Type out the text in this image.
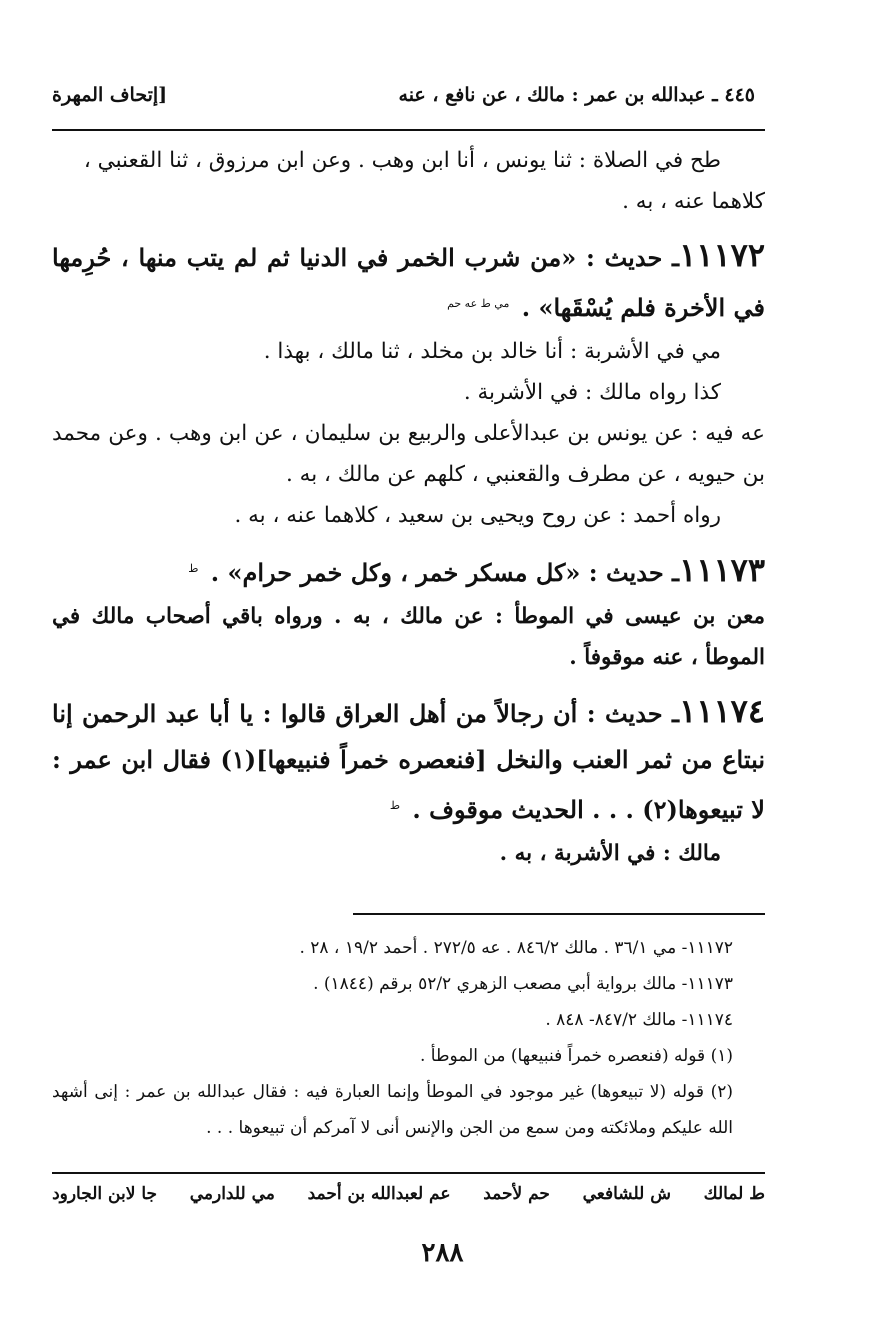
٤٤٥ ـ عبدالله بن عمر : مالك ، عن نافع ، عنه
[إتحاف المهرة

طح في الصلاة : ثنا يونس ، أنا ابن وهب . وعن ابن مرزوق ، ثنا القعنبي ،

كلاهما عنه ، به .

١١١٧٢ـ حديث : «من شرب الخمر في الدنيا ثم لم يتب منها ، حُرِمها في الأخرة فلم يُسْقَها» . $^{مي ط عه حم}$

مي في الأشربة : أنا خالد بن مخلد ، ثنا مالك ، بهذا .

كذا رواه مالك : في الأشربة .

عه فيه : عن يونس بن عبدالأعلى والربيع بن سليمان ، عن ابن وهب . وعن محمد بن حيويه ، عن مطرف والقعنبي ، كلهم عن مالك ، به .

رواه أحمد : عن روح ويحيى بن سعيد ، كلاهما عنه ، به .

١١١٧٣ـ حديث : «كل مسكر خمر ، وكل خمر حرام» . $^ط$

معن بن عيسى في الموطأ : عن مالك ، به . ورواه باقي أصحاب مالك في الموطأ ، عنه موقوفاً .

١١١٧٤ـ حديث : أن رجالاً من أهل العراق قالوا : يا أبا عبد الرحمن إنا نبتاع من ثمر العنب والنخل [فنعصره خمراً فنبيعها](١) فقال ابن عمر : لا تبيعوها(٢) . . . الحديث موقوف . $^ط$

مالك : في الأشربة ، به .

١١١٧٢- مي ٣٦/١ . مالك ٨٤٦/٢ . عه ٢٧٢/٥ . أحمد ١٩/٢ ، ٢٨ .

١١١٧٣- مالك برواية أبي مصعب الزهري ٥٢/٢ برقم (١٨٤٤) .

١١١٧٤- مالك ٨٤٧/٢- ٨٤٨ .

(١) قوله (فنعصره خمراً فنبيعها) من الموطأ .

(٢) قوله (لا تبيعوها) غير موجود في الموطأ وإنما العبارة فيه : فقال عبدالله بن عمر : إنى أشهد الله عليكم وملائكته ومن سمع من الجن والإنس أنى لا آمركم أن تبيعوها . . .

ط لمالك
ش للشافعي
حم لأحمد
عم لعبدالله بن أحمد
مي للدارمي
جا لابن الجارود
٢٨٨
